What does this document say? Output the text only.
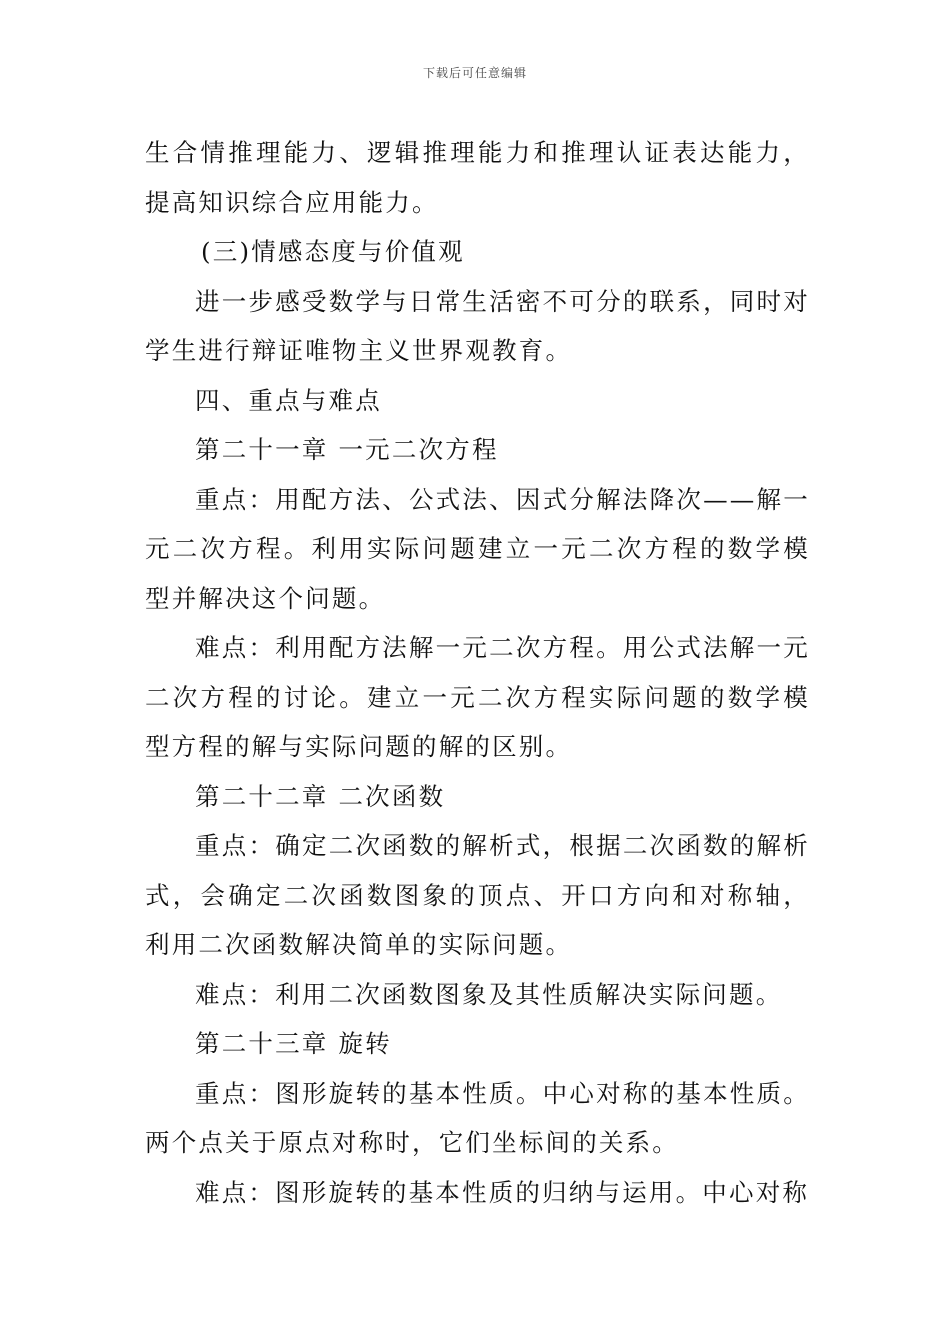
下载后可任意编辑

生合情推理能力、逻辑推理能力和推理认证表达能力，提高知识综合应用能力。

(三)情感态度与价值观

进一步感受数学与日常生活密不可分的联系，同时对学生进行辩证唯物主义世界观教育。

四、重点与难点

第二十一章 一元二次方程

重点：用配方法、公式法、因式分解法降次——解一元二次方程。利用实际问题建立一元二次方程的数学模型并解决这个问题。

难点：利用配方法解一元二次方程。用公式法解一元二次方程的讨论。建立一元二次方程实际问题的数学模型方程的解与实际问题的解的区别。

第二十二章 二次函数

重点：确定二次函数的解析式，根据二次函数的解析式，会确定二次函数图象的顶点、开口方向和对称轴，利用二次函数解决简单的实际问题。

难点：利用二次函数图象及其性质解决实际问题。

第二十三章 旋转

重点：图形旋转的基本性质。中心对称的基本性质。两个点关于原点对称时，它们坐标间的关系。

难点：图形旋转的基本性质的归纳与运用。中心对称
